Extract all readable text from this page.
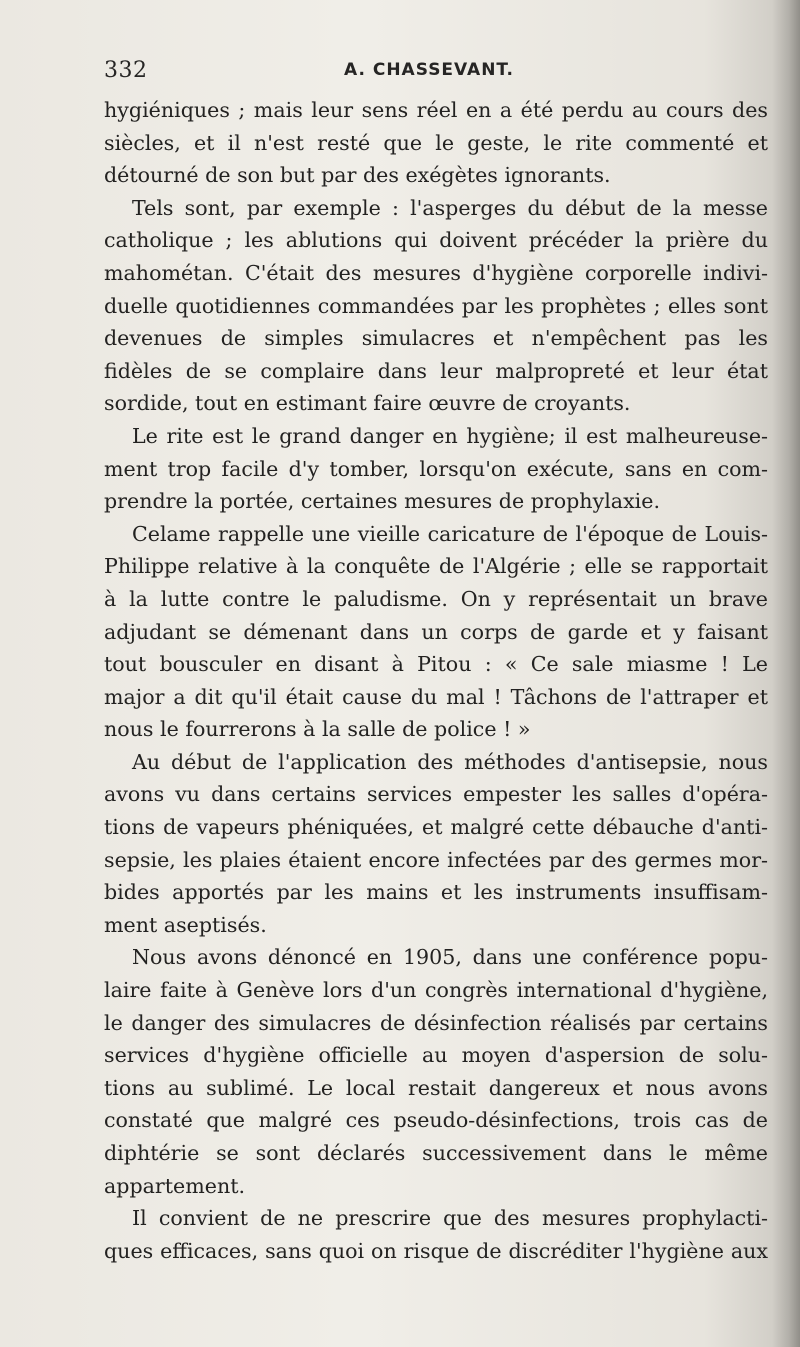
332	A. CHASSEVANT.
hygiéniques ; mais leur sens réel en a été perdu au cours des
siècles, et il n'est resté que le geste, le rite commenté et
détourné de son but par des exégètes ignorants.
Tels sont, par exemple : l'asperges du début de la messe
catholique ; les ablutions qui doivent précéder la prière du
mahométan. C'était des mesures d'hygiène corporelle indivi-
duelle quotidiennes commandées par les prophètes ; elles sont
devenues de simples simulacres et n'empêchent pas les
fidèles de se complaire dans leur malpropreté et leur état
sordide, tout en estimant faire œuvre de croyants.
Le rite est le grand danger en hygiène; il est malheureuse-
ment trop facile d'y tomber, lorsqu'on exécute, sans en com-
prendre la portée, certaines mesures de prophylaxie.
Celame rappelle une vieille caricature de l'époque de Louis-
Philippe relative à la conquête de l'Algérie ; elle se rapportait
à la lutte contre le paludisme. On y représentait un brave
adjudant se démenant dans un corps de garde et y faisant
tout bousculer en disant à Pitou : « Ce sale miasme ! Le
major a dit qu'il était cause du mal ! Tâchons de l'attraper et
nous le fourrerons à la salle de police ! »
Au début de l'application des méthodes d'antisepsie, nous
avons vu dans certains services empester les salles d'opéra-
tions de vapeurs phéniquées, et malgré cette débauche d'anti-
sepsie, les plaies étaient encore infectées par des germes mor-
bides apportés par les mains et les instruments insuffisam-
ment aseptisés.
Nous avons dénoncé en 1905, dans une conférence popu-
laire faite à Genève lors d'un congrès international d'hygiène,
le danger des simulacres de désinfection réalisés par certains
services d'hygiène officielle au moyen d'aspersion de solu-
tions au sublimé. Le local restait dangereux et nous avons
constaté que malgré ces pseudo-désinfections, trois cas de
diphtérie se sont déclarés successivement dans le même
appartement.
Il convient de ne prescrire que des mesures prophylacti-
ques efficaces, sans quoi on risque de discréditer l'hygiène aux
